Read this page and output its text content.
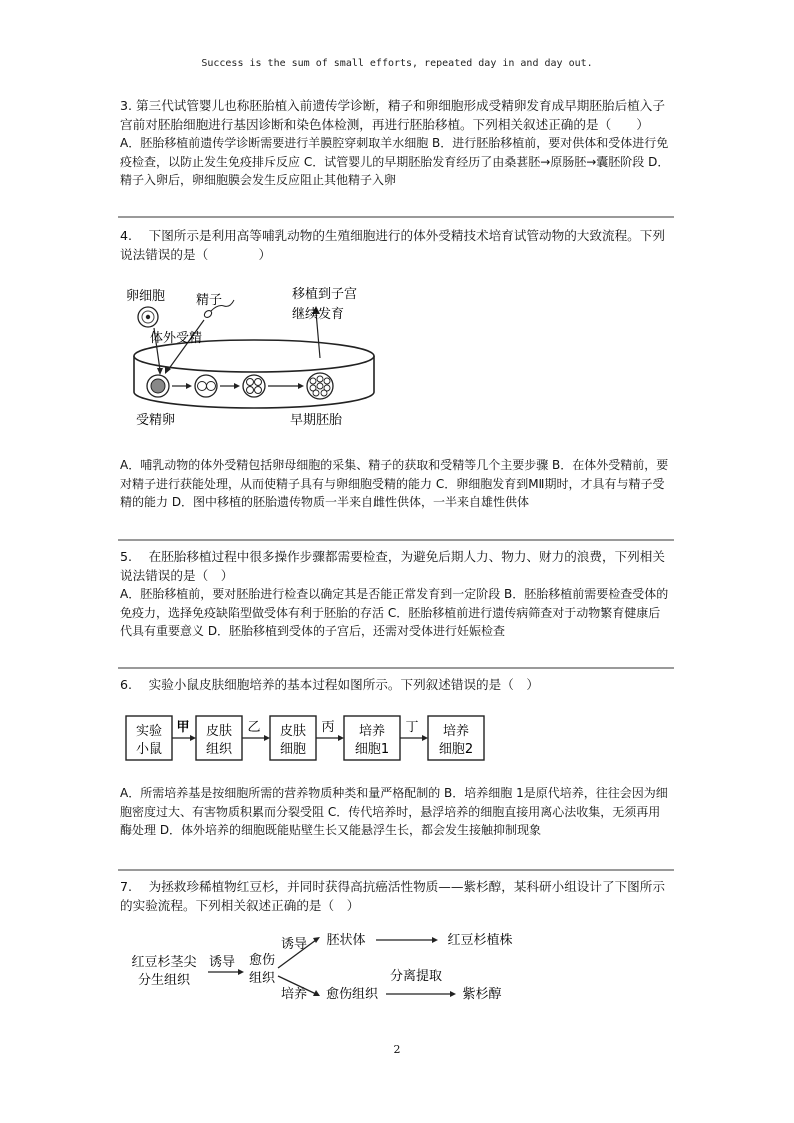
Success is the sum of small efforts, repeated day in and day out.

3. 第三代试管婴儿也称胚胎植入前遗传学诊断，精子和卵细胞形成受精卵发育成早期胚胎后植入子宫前对胚胎细胞进行基因诊断和染色体检测，再进行胚胎移植。下列相关叙述正确的是（　　）

A．胚胎移植前遗传学诊断需要进行羊膜腔穿刺取羊水细胞 B．进行胚胎移植前，要对供体和受体进行免疫检查，以防止发生免疫排斥反应 C．试管婴儿的早期胚胎发育经历了由桑葚胚→原肠胚→囊胚阶段 D．精子入卵后，卵细胞膜会发生反应阻止其他精子入卵

4.　 下图所示是利用高等哺乳动物的生殖细胞进行的体外受精技术培育试管动物的大致流程。下列说法错误的是（　　　　）

卵细胞 精子
体外受精
移植到子宫
继续发育
受精卵	早期胚胎

A．哺乳动物的体外受精包括卵母细胞的采集、精子的获取和受精等几个主要步骤 B．在体外受精前，要对精子进行获能处理，从而使精子具有与卵细胞受精的能力 C．卵细胞发育到MⅡ期时，才具有与精子受精的能力 D．图中移植的胚胎遗传物质一半来自雌性供体，一半来自雄性供体

5.　 在胚胎移植过程中很多操作步骤都需要检查，为避免后期人力、物力、财力的浪费，下列相关说法错误的是（　）

A．胚胎移植前，要对胚胎进行检查以确定其是否能正常发育到一定阶段 B．胚胎移植前需要检查受体的免疫力，选择免疫缺陷型做受体有利于胚胎的存活 C．胚胎移植前进行遗传病筛查对于动物繁育健康后代具有重要意义 D．胚胎移植到受体的子宫后，还需对受体进行妊娠检查

6.　 实验小鼠皮肤细胞培养的基本过程如图所示。下列叙述错误的是（　）

实验
小鼠
皮肤
组织
皮肤
细胞
培养
细胞1
培养
细胞2
甲	乙	丙	丁

A．所需培养基是按细胞所需的营养物质种类和量严格配制的 B．培养细胞 1是原代培养，往往会因为细胞密度过大、有害物质积累而分裂受阻 C．传代培养时，悬浮培养的细胞直接用离心法收集，无须再用酶处理 D．体外培养的细胞既能贴壁生长又能悬浮生长，都会发生接触抑制现象

7.　 为拯救珍稀植物红豆杉，并同时获得高抗癌活性物质——紫杉醇，某科研小组设计了下图所示的实验流程。下列相关叙述正确的是（　）

红豆杉茎尖
分生组织
诱导 愈伤
组织
诱导 胚状体	红豆杉植株
培养 愈伤组织
分离提取
紫杉醇
2
